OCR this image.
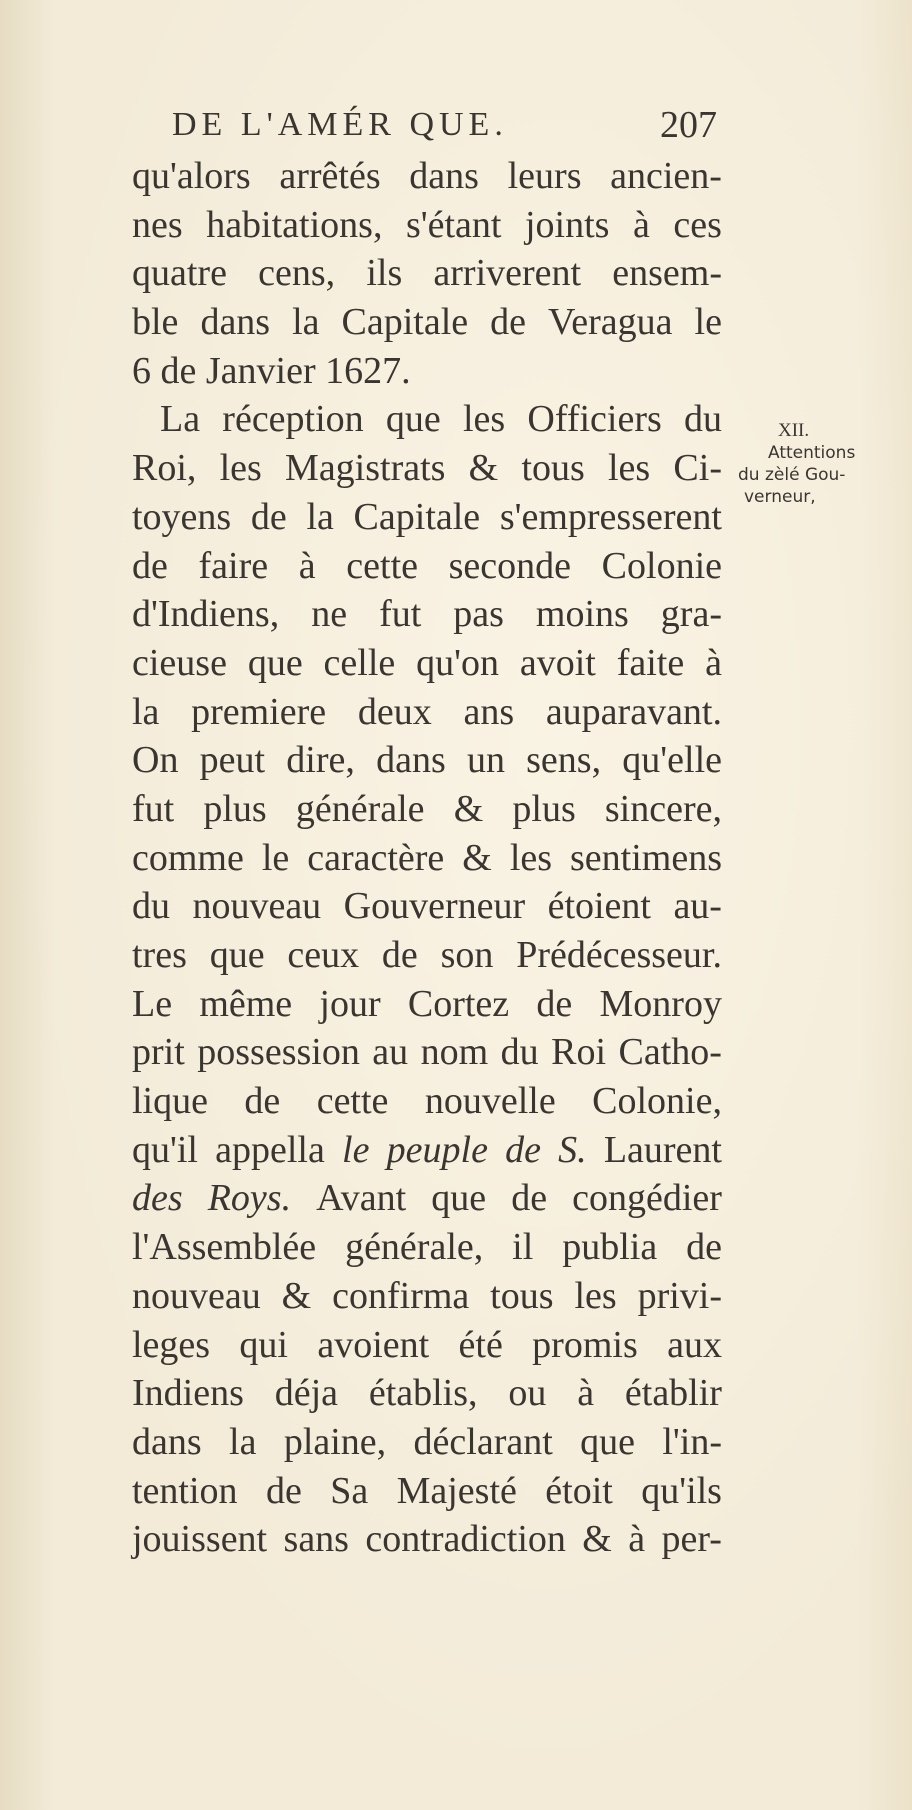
DE L'AMÉR QUE.	207
qu'alors arrêtés dans leurs ancien-
nes habitations, s'étant joints à ces
quatre cens, ils arriverent ensem-
ble dans la Capitale de Veragua le
6
de
Janvier
1627.
La réception que les Officiers du
Roi, les Magistrats & tous les Ci-
toyens de la Capitale s'empresserent
de faire à cette seconde Colonie
d'Indiens, ne fut pas moins gra-
cieuse que celle qu'on avoit faite à
la premiere deux ans auparavant.
On peut dire, dans un sens, qu'elle
fut plus générale & plus sincere,
comme le caractère & les sentimens
du nouveau Gouverneur étoient au-
tres que ceux de son Prédécesseur.
Le même jour Cortez de Monroy
prit possession au nom du Roi Catho-
lique de cette nouvelle Colonie,
qu'il appella le peuple de S. Laurent
des Roys. Avant que de congédier
l'Assemblée générale, il publia de
nouveau & confirma tous les privi-
leges qui avoient été promis aux
Indiens déja établis, ou à établir
dans la plaine, déclarant que l'in-
tention de Sa Majesté étoit qu'ils
jouissent sans contradiction & à per-
XII.
Attentions
du zèlé Gou-
verneur,
